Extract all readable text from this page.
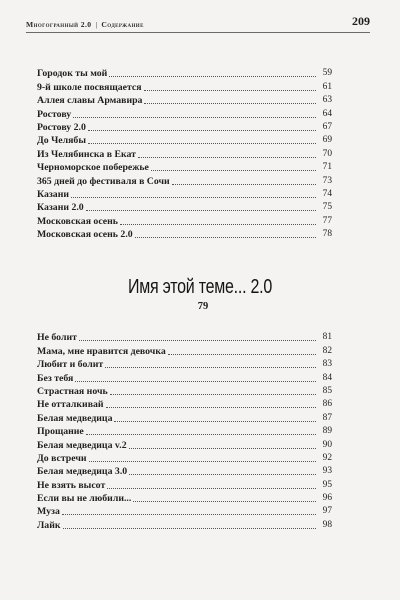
Многогранный 2.0 | Содержание	209
Городок ты мой	59
9-й школе посвящается	61
Аллея славы Армавира	63
Ростову	64
Ростову 2.0	67
До Челябы	69
Из Челябинска в Екат	70
Черноморское побережье	71
365 дней до фестиваля в Сочи	73
Казани	74
Казани 2.0	75
Московская осень	77
Московская осень 2.0	78
Имя этой теме... 2.0
79
Не болит	81
Мама, мне нравится девочка	82
Любит и болит	83
Без тебя	84
Страстная ночь	85
Не отталкивай	86
Белая медведица	87
Прощание	89
Белая медведица v.2	90
До встречи	92
Белая медведица 3.0	93
Не взять высот	95
Если вы не любили...	96
Муза	97
Лайк	98
